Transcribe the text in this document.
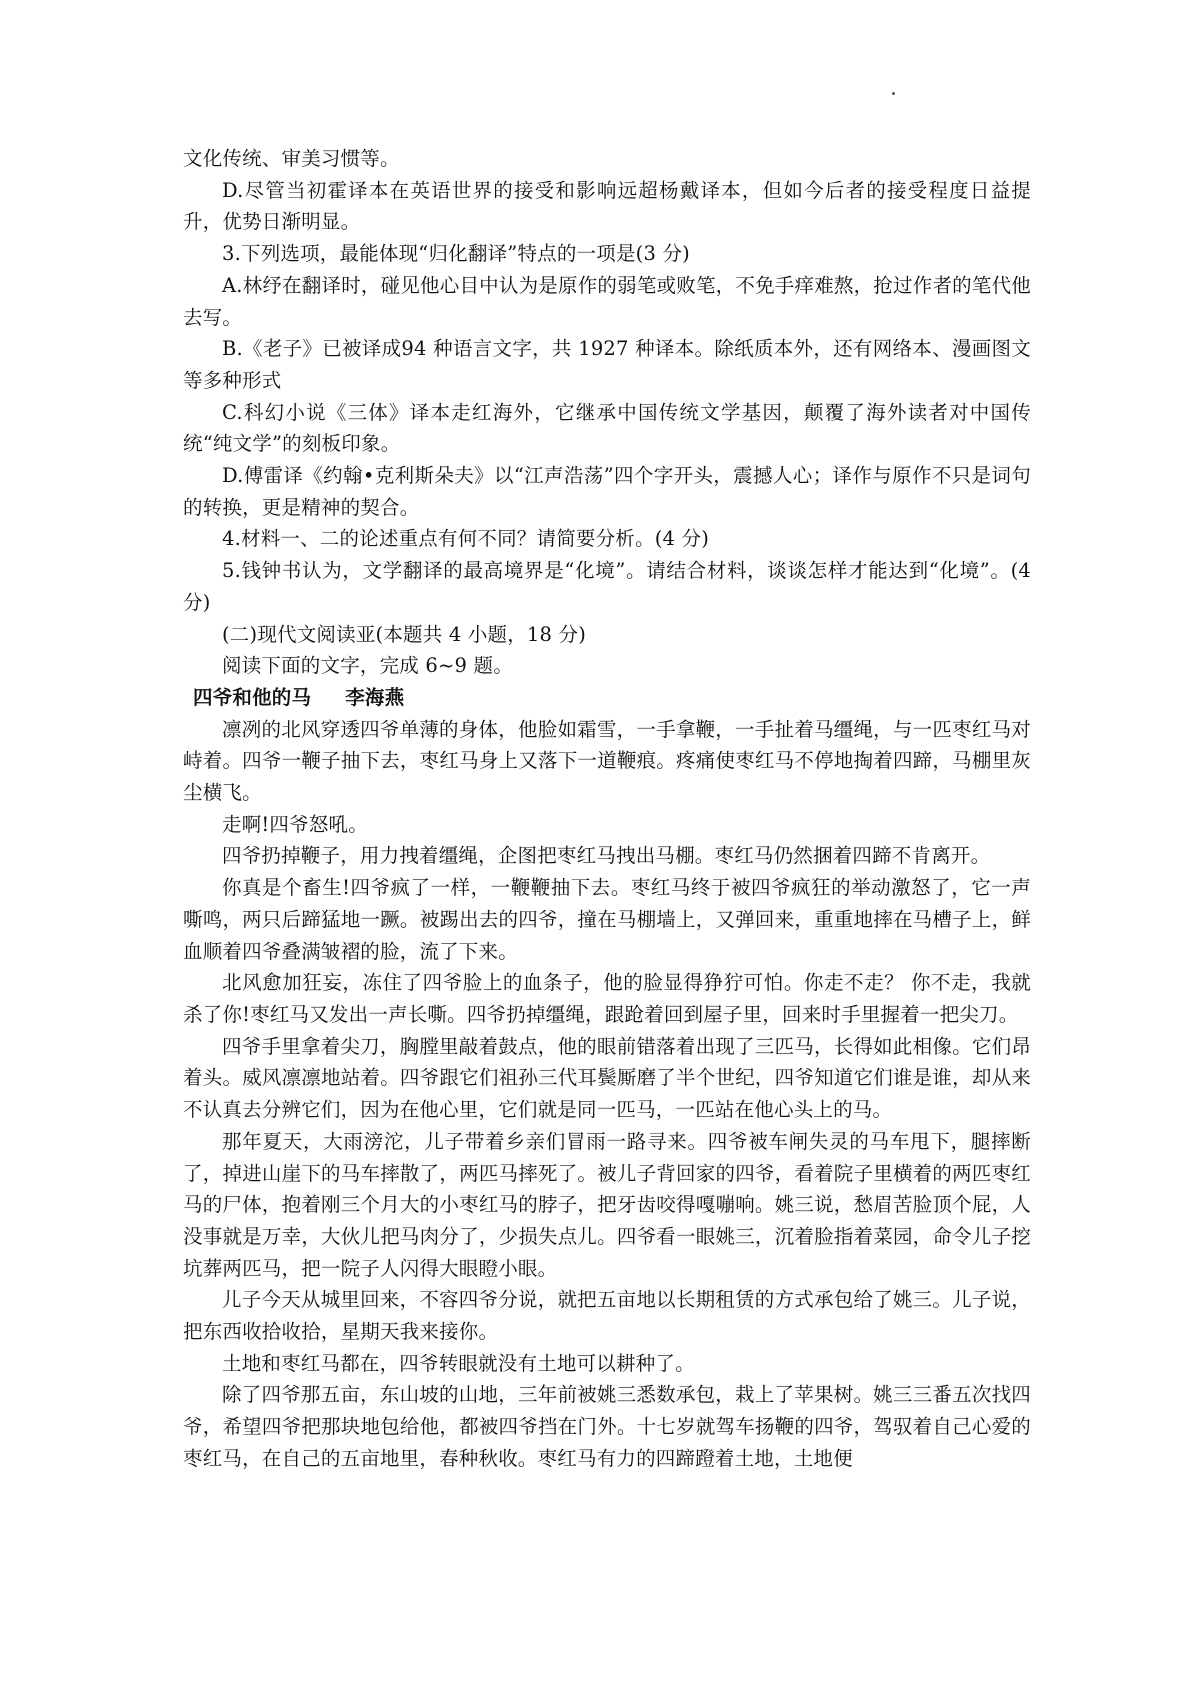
文化传统、审美习惯等。

D.尽管当初霍译本在英语世界的接受和影响远超杨戴译本，但如今后者的接受程度日益提升，优势日渐明显。

3.下列选项，最能体现“归化翻译”特点的一项是(3 分)

A.林纾在翻译时，碰见他心目中认为是原作的弱笔或败笔，不免手痒难熬，抢过作者的笔代他去写。

B.《老子》已被译成94 种语言文字，共 1927 种译本。除纸质本外，还有网络本、漫画图文等多种形式

C.科幻小说《三体》译本走红海外，它继承中国传统文学基因，颠覆了海外读者对中国传统“纯文学”的刻板印象。

D.傅雷译《约翰•克利斯朵夫》以“江声浩荡”四个字开头，震撼人心；译作与原作不只是词句的转换，更是精神的契合。

4.材料一、二的论述重点有何不同？请简要分析。(4 分)

5.钱钟书认为，文学翻译的最高境界是“化境”。请结合材料，谈谈怎样才能达到“化境”。(4 分)

(二)现代文阅读亚(本题共 4 小题，18 分)

阅读下面的文字，完成 6~9 题。

四爷和他的马 李海燕

凛冽的北风穿透四爷单薄的身体，他脸如霜雪，一手拿鞭，一手扯着马缰绳，与一匹枣红马对峙着。四爷一鞭子抽下去，枣红马身上又落下一道鞭痕。疼痛使枣红马不停地掏着四蹄，马棚里灰尘横飞。

走啊!四爷怒吼。

四爷扔掉鞭子，用力拽着缰绳，企图把枣红马拽出马棚。枣红马仍然捆着四蹄不肯离开。

你真是个畜生!四爷疯了一样，一鞭鞭抽下去。枣红马终于被四爷疯狂的举动激怒了，它一声嘶鸣，两只后蹄猛地一蹶。被踢出去的四爷，撞在马棚墙上，又弹回来，重重地摔在马槽子上，鲜血顺着四爷叠满皱褶的脸，流了下来。

北风愈加狂妄，冻住了四爷脸上的血条子，他的脸显得狰狞可怕。你走不走？ 你不走，我就杀了你!枣红马又发出一声长嘶。四爷扔掉缰绳，跟跄着回到屋子里，回来时手里握着一把尖刀。

四爷手里拿着尖刀，胸膛里敲着鼓点，他的眼前错落着出现了三匹马，长得如此相像。它们昂着头。威风凛凛地站着。四爷跟它们祖孙三代耳鬓厮磨了半个世纪，四爷知道它们谁是谁，却从来不认真去分辨它们，因为在他心里，它们就是同一匹马，一匹站在他心头上的马。

那年夏天，大雨滂沱，儿子带着乡亲们冒雨一路寻来。四爷被车闸失灵的马车甩下，腿摔断了，掉进山崖下的马车摔散了，两匹马摔死了。被儿子背回家的四爷，看着院子里横着的两匹枣红马的尸体，抱着刚三个月大的小枣红马的脖子，把牙齿咬得嘎嘣响。姚三说，愁眉苦脸顶个屁，人没事就是万幸，大伙儿把马肉分了，少损失点儿。四爷看一眼姚三，沉着脸指着菜园，命令儿子挖坑葬两匹马，把一院子人闪得大眼瞪小眼。

儿子今天从城里回来，不容四爷分说，就把五亩地以长期租赁的方式承包给了姚三。儿子说，把东西收拾收拾，星期天我来接你。

土地和枣红马都在，四爷转眼就没有土地可以耕种了。

除了四爷那五亩，东山坡的山地，三年前被姚三悉数承包，栽上了苹果树。姚三三番五次找四爷，希望四爷把那块地包给他，都被四爷挡在门外。十七岁就驾车扬鞭的四爷，驾驭着自己心爱的枣红马，在自己的五亩地里，春种秋收。枣红马有力的四蹄蹬着土地，土地便
